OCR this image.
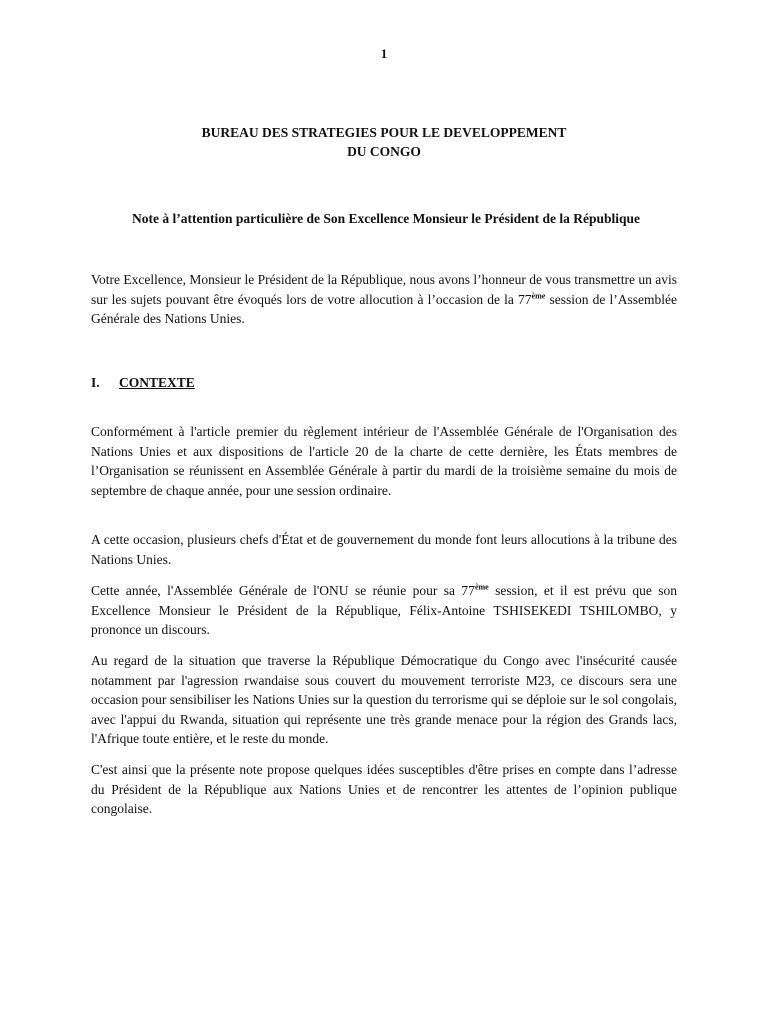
1
BUREAU DES STRATEGIES POUR LE DEVELOPPEMENT
DU CONGO
Note à l’attention particulière de Son Excellence Monsieur le Président de la République

Votre Excellence, Monsieur le Président de la République, nous avons l’honneur de vous transmettre un avis sur les sujets pouvant être évoqués lors de votre allocution à l’occasion de la 77ème session de l’Assemblée Générale des Nations Unies.

I. CONTEXTE

Conformément à l'article premier du règlement intérieur de l'Assemblée Générale de l'Organisation des Nations Unies et aux dispositions de l'article 20 de la charte de cette dernière, les États membres de l’Organisation se réunissent en Assemblée Générale à partir du mardi de la troisième semaine du mois de septembre de chaque année, pour une session ordinaire.

A cette occasion, plusieurs chefs d'État et de gouvernement du monde font leurs allocutions à la tribune des Nations Unies.

Cette année, l'Assemblée Générale de l'ONU se réunie pour sa 77ème session, et il est prévu que son Excellence Monsieur le Président de la République, Félix-Antoine TSHISEKEDI TSHILOMBO, y prononce un discours.

Au regard de la situation que traverse la République Démocratique du Congo avec l'insécurité causée notamment par l'agression rwandaise sous couvert du mouvement terroriste M23, ce discours sera une occasion pour sensibiliser les Nations Unies sur la question du terrorisme qui se déploie sur le sol congolais, avec l'appui du Rwanda, situation qui représente une très grande menace pour la région des Grands lacs, l'Afrique toute entière, et le reste du monde.

C'est ainsi que la présente note propose quelques idées susceptibles d'être prises en compte dans l’adresse du Président de la République aux Nations Unies et de rencontrer les attentes de l’opinion publique congolaise.
